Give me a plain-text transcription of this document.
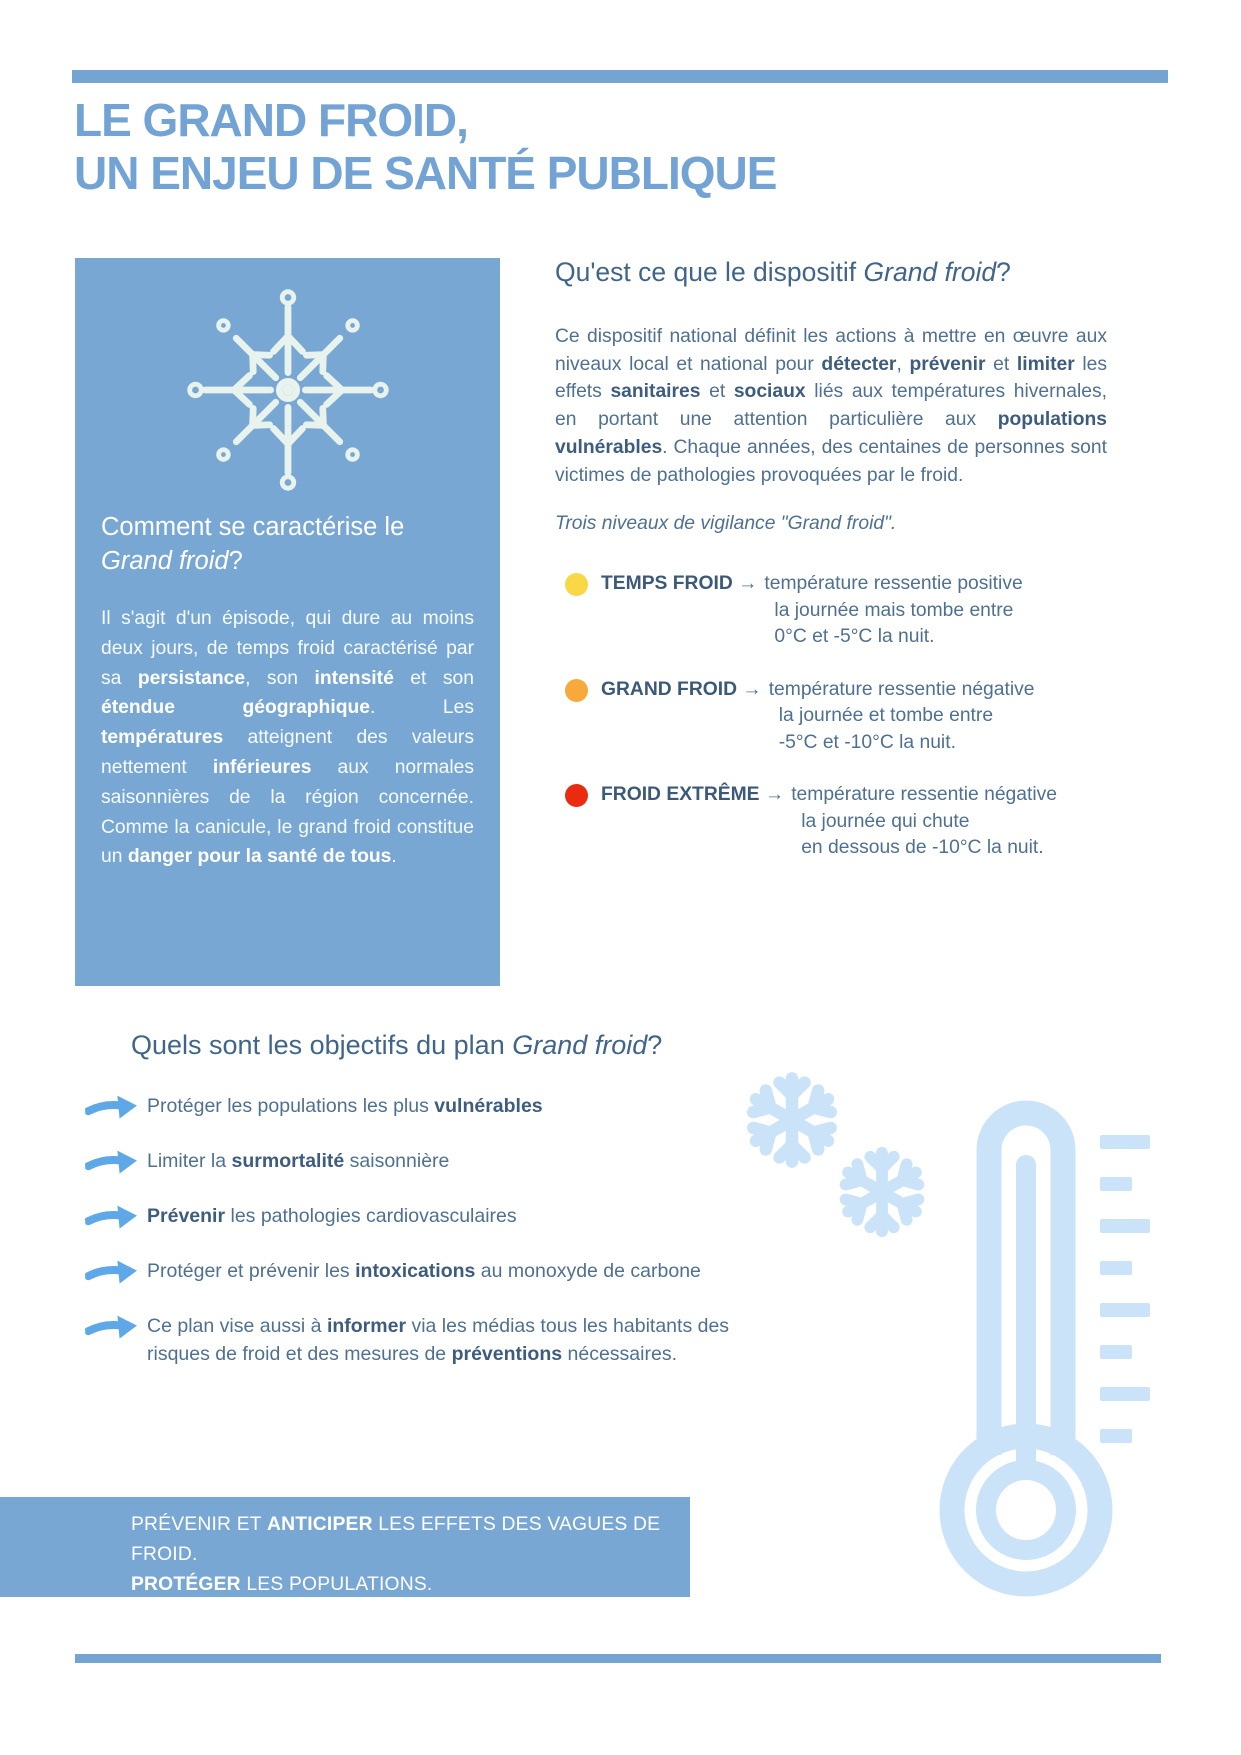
LE GRAND FROID,
UN ENJEU DE SANTÉ PUBLIQUE
Comment se caractérise le Grand froid?
Il s'agit d'un épisode, qui dure au moins deux jours, de temps froid caractérisé par sa persistance, son intensité et son étendue géographique. Les températures atteignent des valeurs nettement inférieures aux normales saisonnières de la région concernée. Comme la canicule, le grand froid constitue un danger pour la santé de tous.
Qu'est ce que le dispositif Grand froid?
Ce dispositif national définit les actions à mettre en œuvre aux niveaux local et national pour détecter, prévenir et limiter les effets sanitaires et sociaux liés aux températures hivernales, en portant une attention particulière aux populations vulnérables. Chaque années, des centaines de personnes sont victimes de pathologies provoquées par le froid.
Trois niveaux de vigilance "Grand froid".
TEMPS FROID → température ressentie positive
la journée mais tombe entre
0°C et -5°C la nuit.
GRAND FROID → température ressentie négative
la journée et tombe entre
-5°C et -10°C la nuit.
FROID EXTRÊME → température ressentie négative
la journée qui chute
en dessous de -10°C la nuit.
Quels sont les objectifs du plan Grand froid?
Protéger les populations les plus vulnérables
Limiter la surmortalité saisonnière
Prévenir les pathologies cardiovasculaires
Protéger et prévenir les intoxications au monoxyde de carbone
Ce plan vise aussi à informer via les médias tous les habitants des risques de froid et des mesures de préventions nécessaires.
PRÉVENIR ET ANTICIPER LES EFFETS DES VAGUES DE FROID.
PROTÉGER LES POPULATIONS.
INFORMER ET COMMUNIQUER.
